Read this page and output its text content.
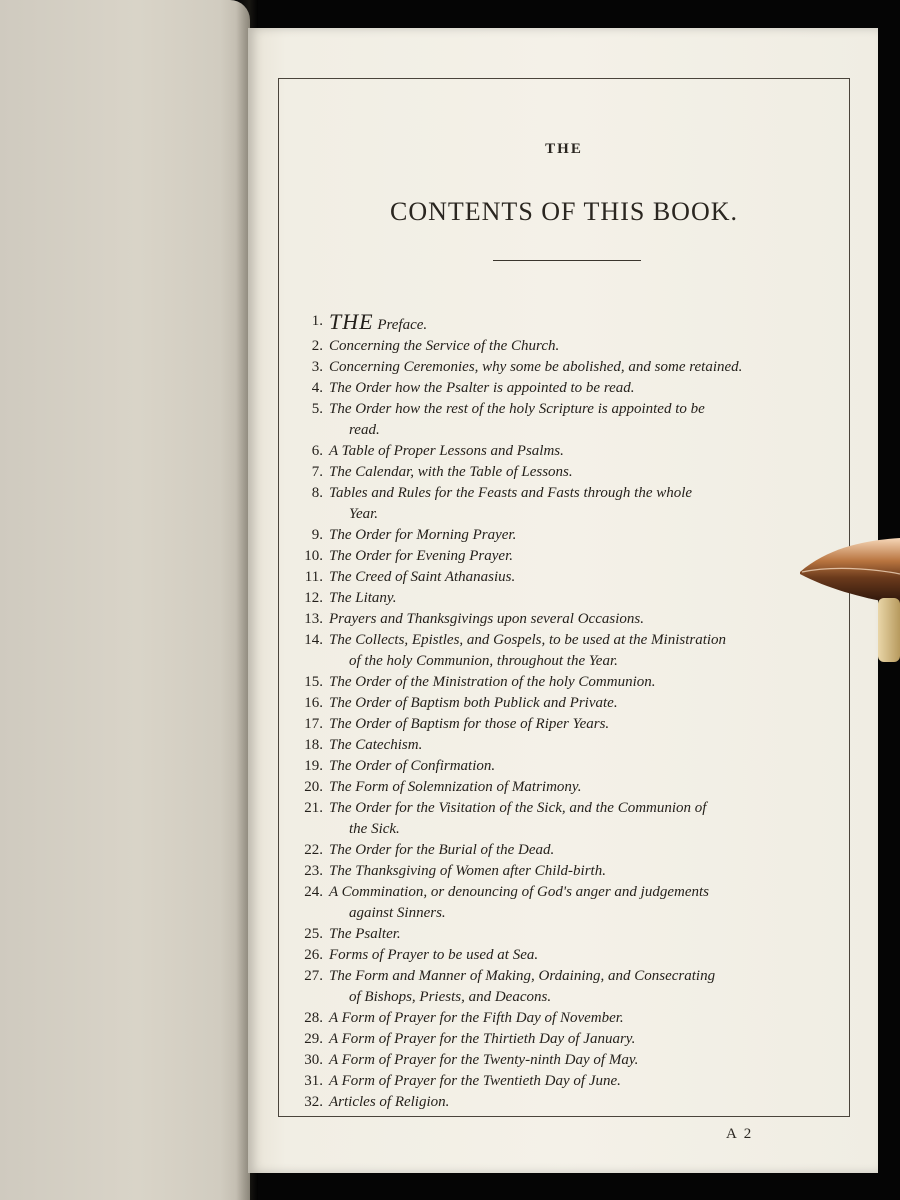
THE
CONTENTS OF THIS BOOK.
1. THE Preface.
2. Concerning the Service of the Church.
3. Concerning Ceremonies, why some be abolished, and some retained.
4. The Order how the Psalter is appointed to be read.
5. The Order how the rest of the holy Scripture is appointed to be
read.
6. A Table of Proper Lessons and Psalms.
7. The Calendar, with the Table of Lessons.
8. Tables and Rules for the Feasts and Fasts through the whole
Year.
9. The Order for Morning Prayer.
10. The Order for Evening Prayer.
11. The Creed of Saint Athanasius.
12. The Litany.
13. Prayers and Thanksgivings upon several Occasions.
14. The Collects, Epistles, and Gospels, to be used at the Ministration
of the holy Communion, throughout the Year.
15. The Order of the Ministration of the holy Communion.
16. The Order of Baptism both Publick and Private.
17. The Order of Baptism for those of Riper Years.
18. The Catechism.
19. The Order of Confirmation.
20. The Form of Solemnization of Matrimony.
21. The Order for the Visitation of the Sick, and the Communion of
the Sick.
22. The Order for the Burial of the Dead.
23. The Thanksgiving of Women after Child-birth.
24. A Commination, or denouncing of God's anger and judgements
against Sinners.
25. The Psalter.
26. Forms of Prayer to be used at Sea.
27. The Form and Manner of Making, Ordaining, and Consecrating
of Bishops, Priests, and Deacons.
28. A Form of Prayer for the Fifth Day of November.
29. A Form of Prayer for the Thirtieth Day of January.
30. A Form of Prayer for the Twenty-ninth Day of May.
31. A Form of Prayer for the Twentieth Day of June.
32. Articles of Religion.
A 2
